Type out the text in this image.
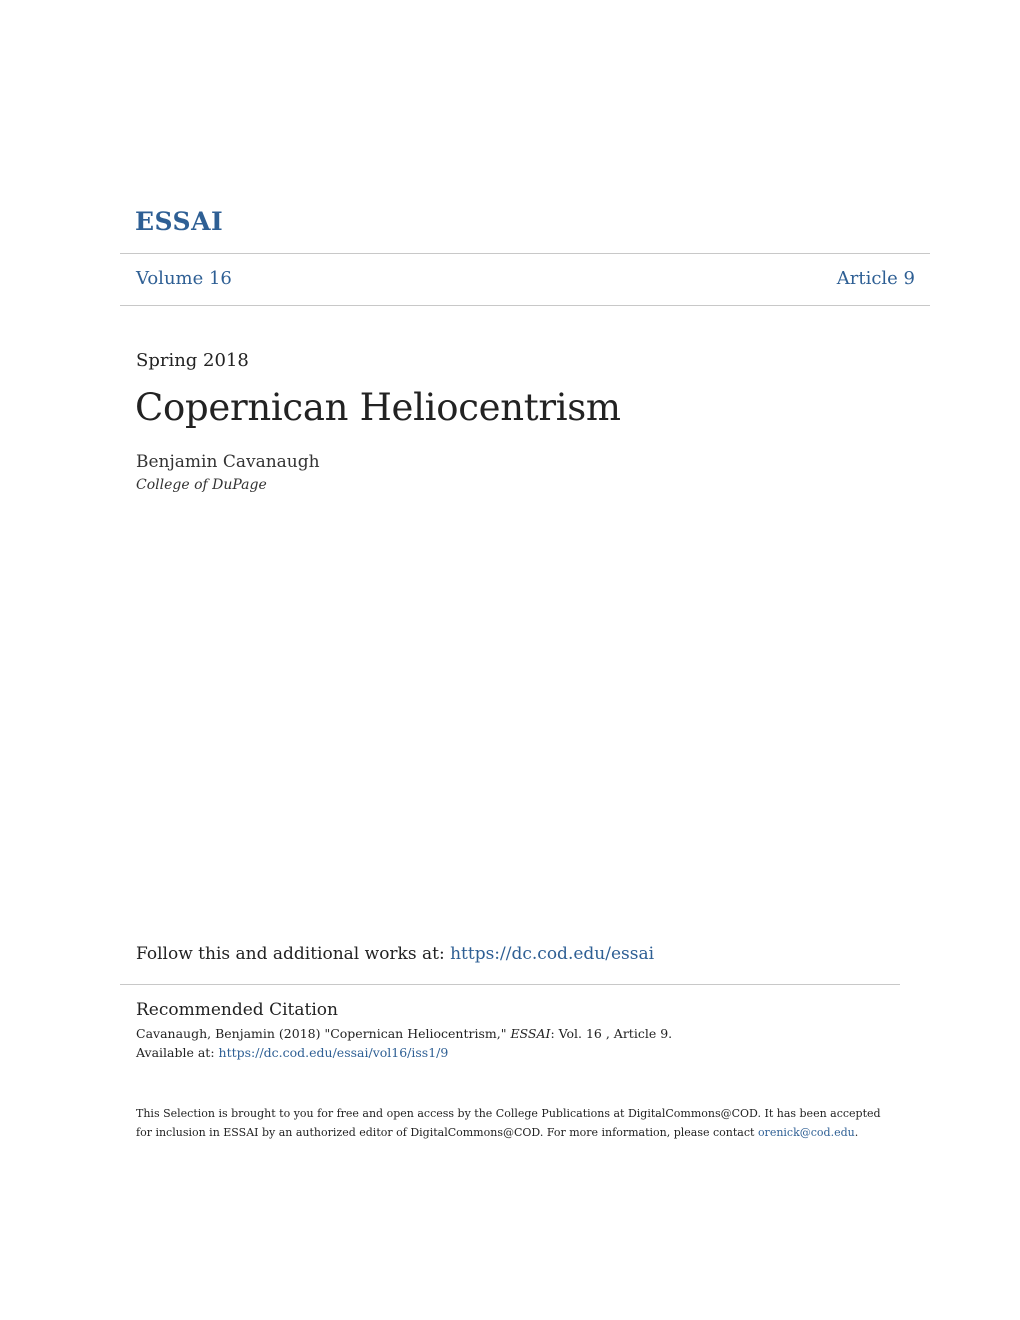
ESSAI
Volume 16	Article 9
Spring 2018
Copernican Heliocentrism
Benjamin Cavanaugh
College of DuPage
Follow this and additional works at: https://dc.cod.edu/essai
Recommended Citation
Cavanaugh, Benjamin (2018) "Copernican Heliocentrism," ESSAI: Vol. 16 , Article 9.
Available at: https://dc.cod.edu/essai/vol16/iss1/9
This Selection is brought to you for free and open access by the College Publications at DigitalCommons@COD. It has been accepted for inclusion in ESSAI by an authorized editor of DigitalCommons@COD. For more information, please contact orenick@cod.edu.
